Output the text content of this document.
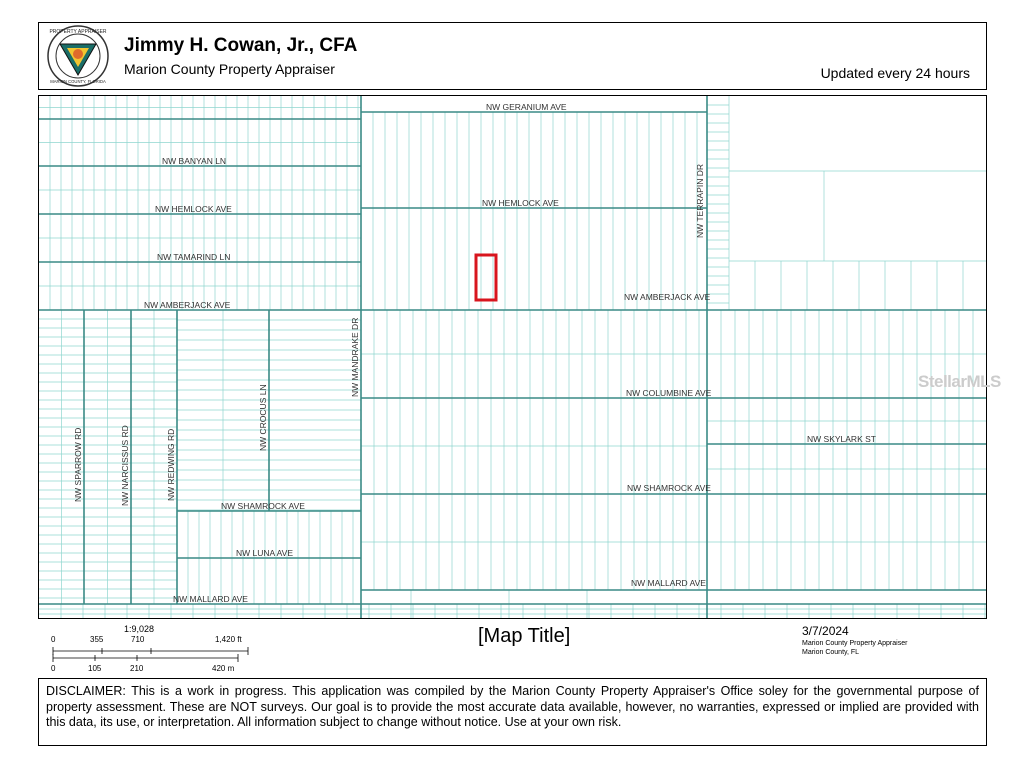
PROPERTY APPRAISER
MARION COUNTY, FLORIDA
Jimmy H. Cowan, Jr., CFA
Marion County Property Appraiser	Updated every 24 hours
NW GERANIUM AVE
NW BANYAN LN
NW HEMLOCK AVE
NW HEMLOCK AVE
NW TAMARIND LN
NW AMBERJACK AVE
NW AMBERJACK AVE
NW COLUMBINE AVE
NW SKYLARK ST
NW SHAMROCK AVE
NW SHAMROCK AVE
NW LUNA AVE
NW MALLARD AVE
NW MALLARD AVE
NW TERRAPIN DR
NW MANDRAKE DR
NW CROCUS LN
NW SPARROW RD	NW NARCISSUS RD	NW REDWING RD
StellarMLS
1:9,028
0	355	710	1,420 ft
0	105	210	420 m
[Map Title]	3/7/2024
Marion County Property Appraiser
Marion County, FL
DISCLAIMER: This is a work in progress. This application was compiled by the Marion County Property Appraiser's Office soley for the governmental purpose of property assessment. These are NOT surveys. Our goal is to provide the most accurate data available, however, no warranties, expressed or implied are provided with this data, its use, or interpretation. All information subject to change without notice. Use at your own risk.
